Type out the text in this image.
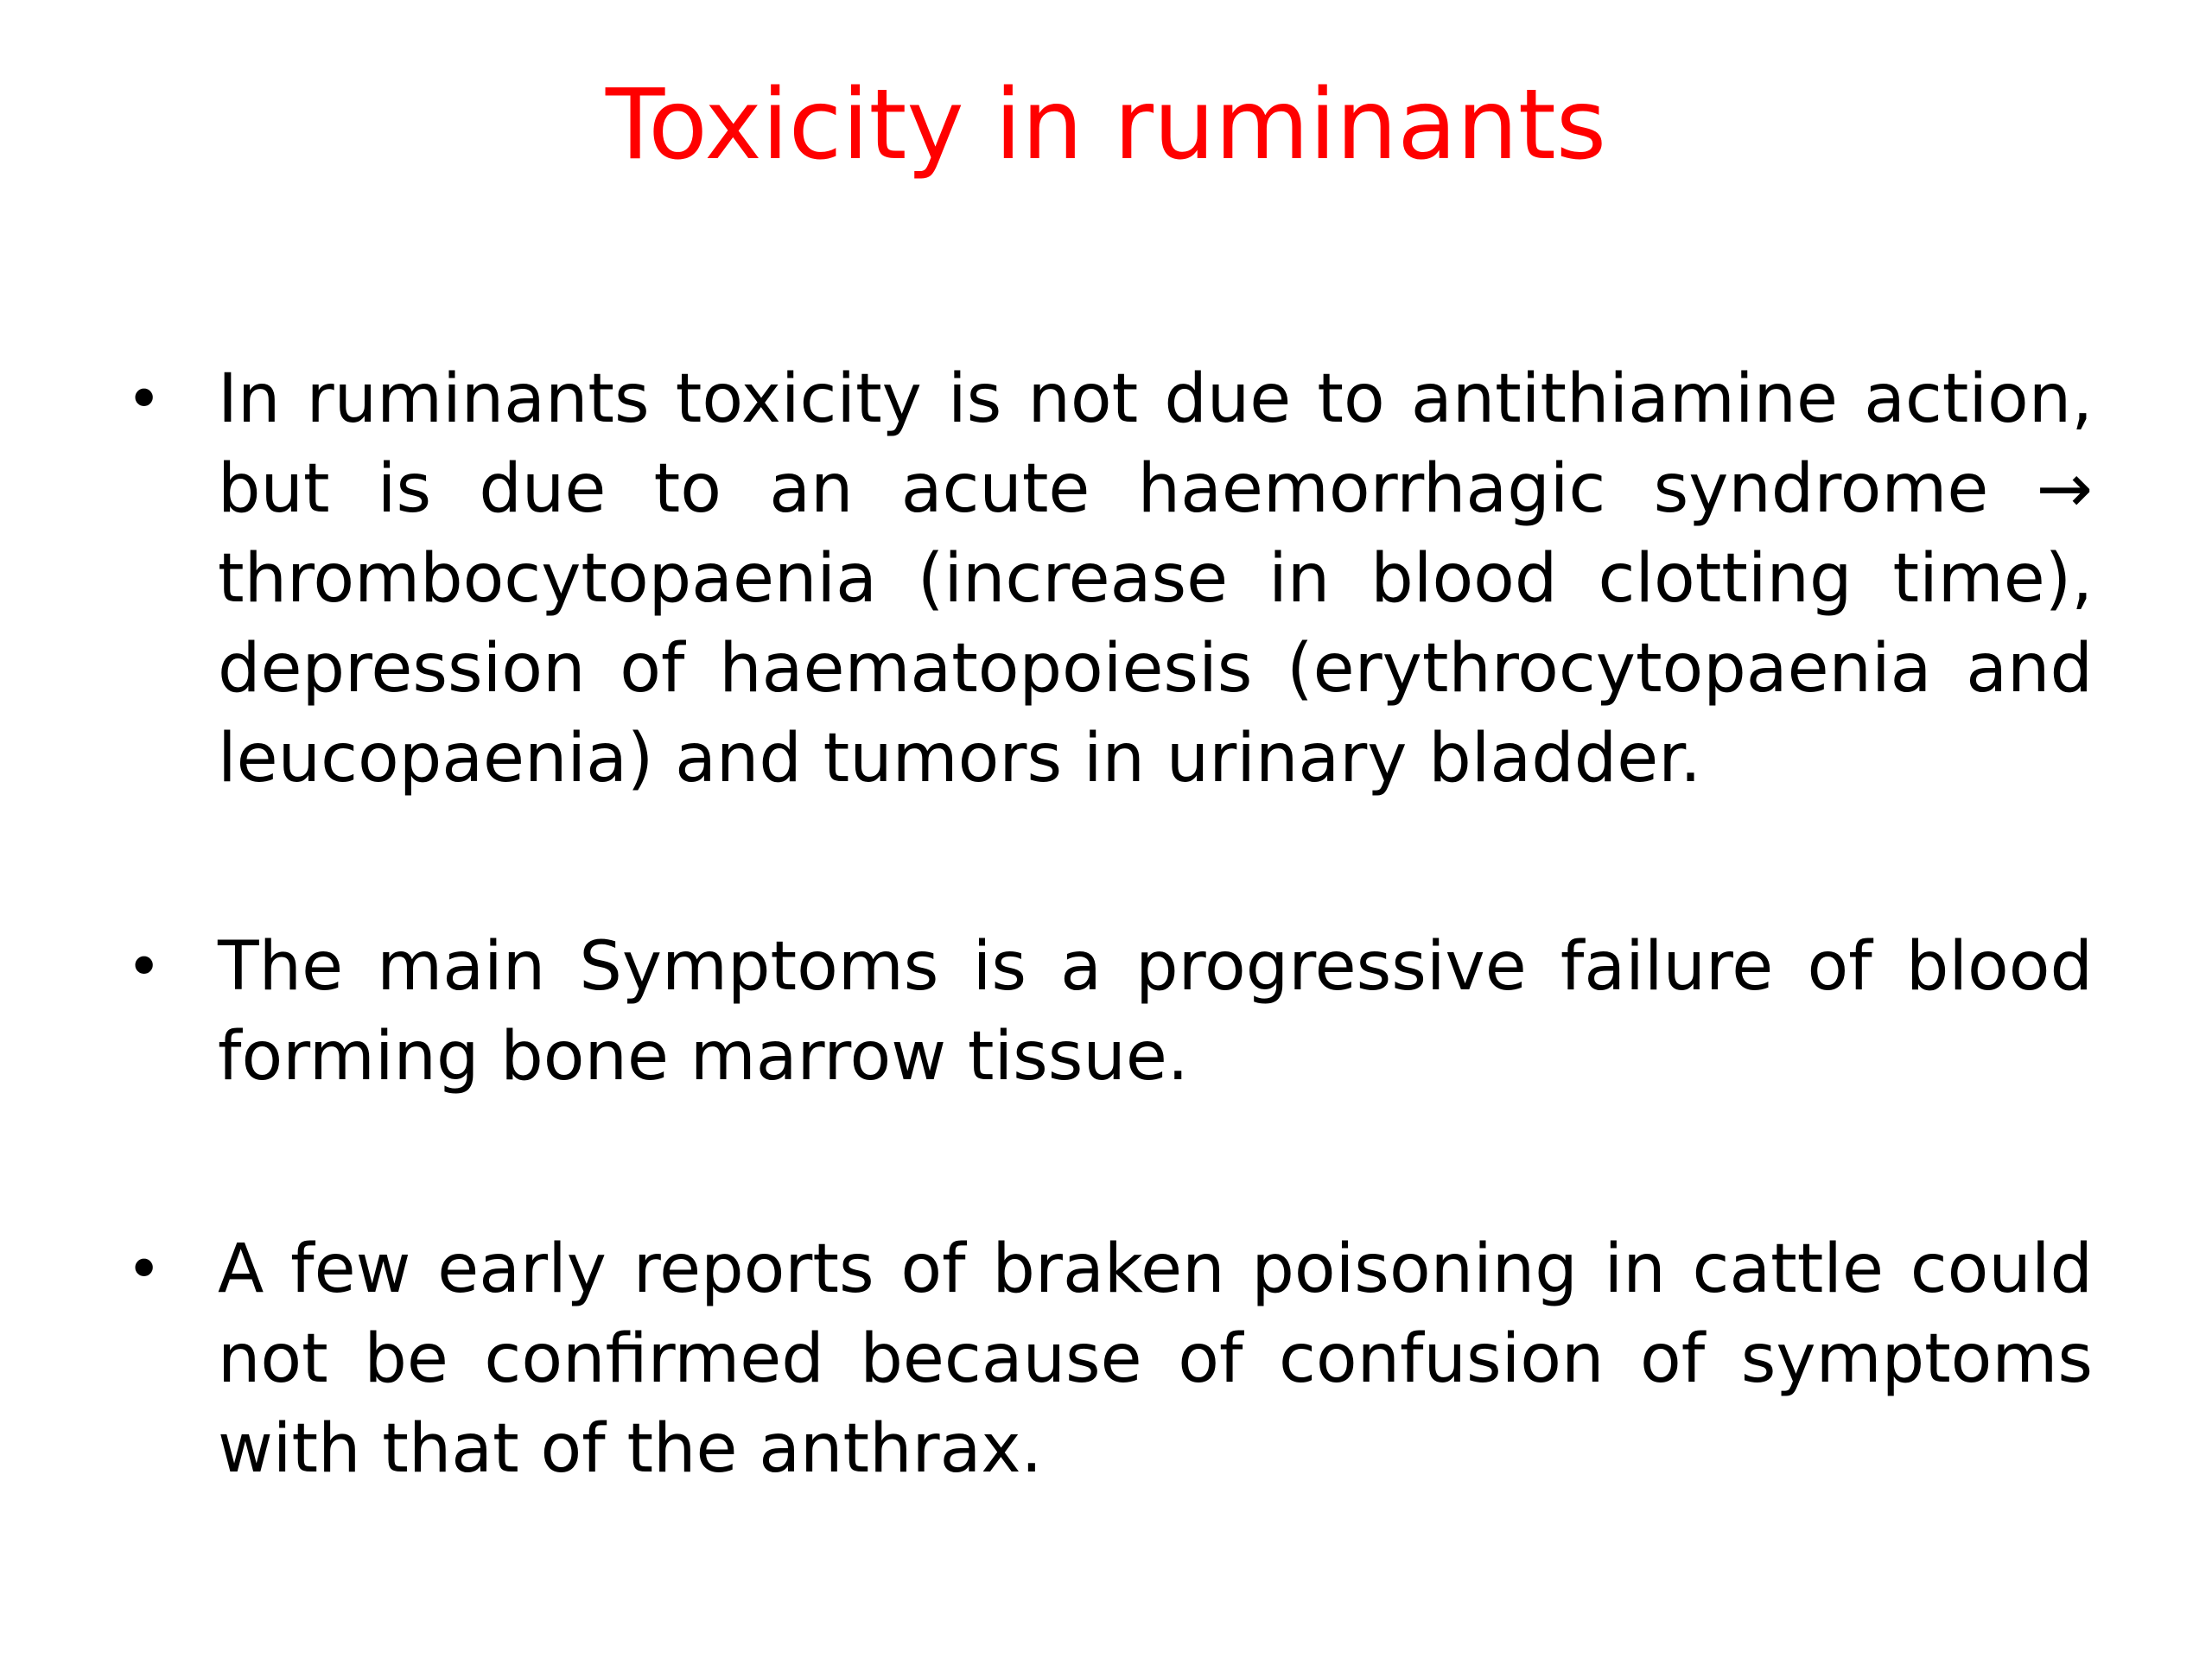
Toxicity in ruminants
• In ruminants toxicity is not due to antithiamine action, but is due to an acute haemorrhagic syndrome → thrombocytopaenia (increase in blood clotting time), depression of haematopoiesis (erythrocytopaenia and leucopaenia) and tumors in urinary bladder.
• The main Symptoms is a progressive failure of blood forming bone marrow tissue.
• A few early reports of braken poisoning in cattle could not be confirmed because of confusion of symptoms with that of the anthrax.
